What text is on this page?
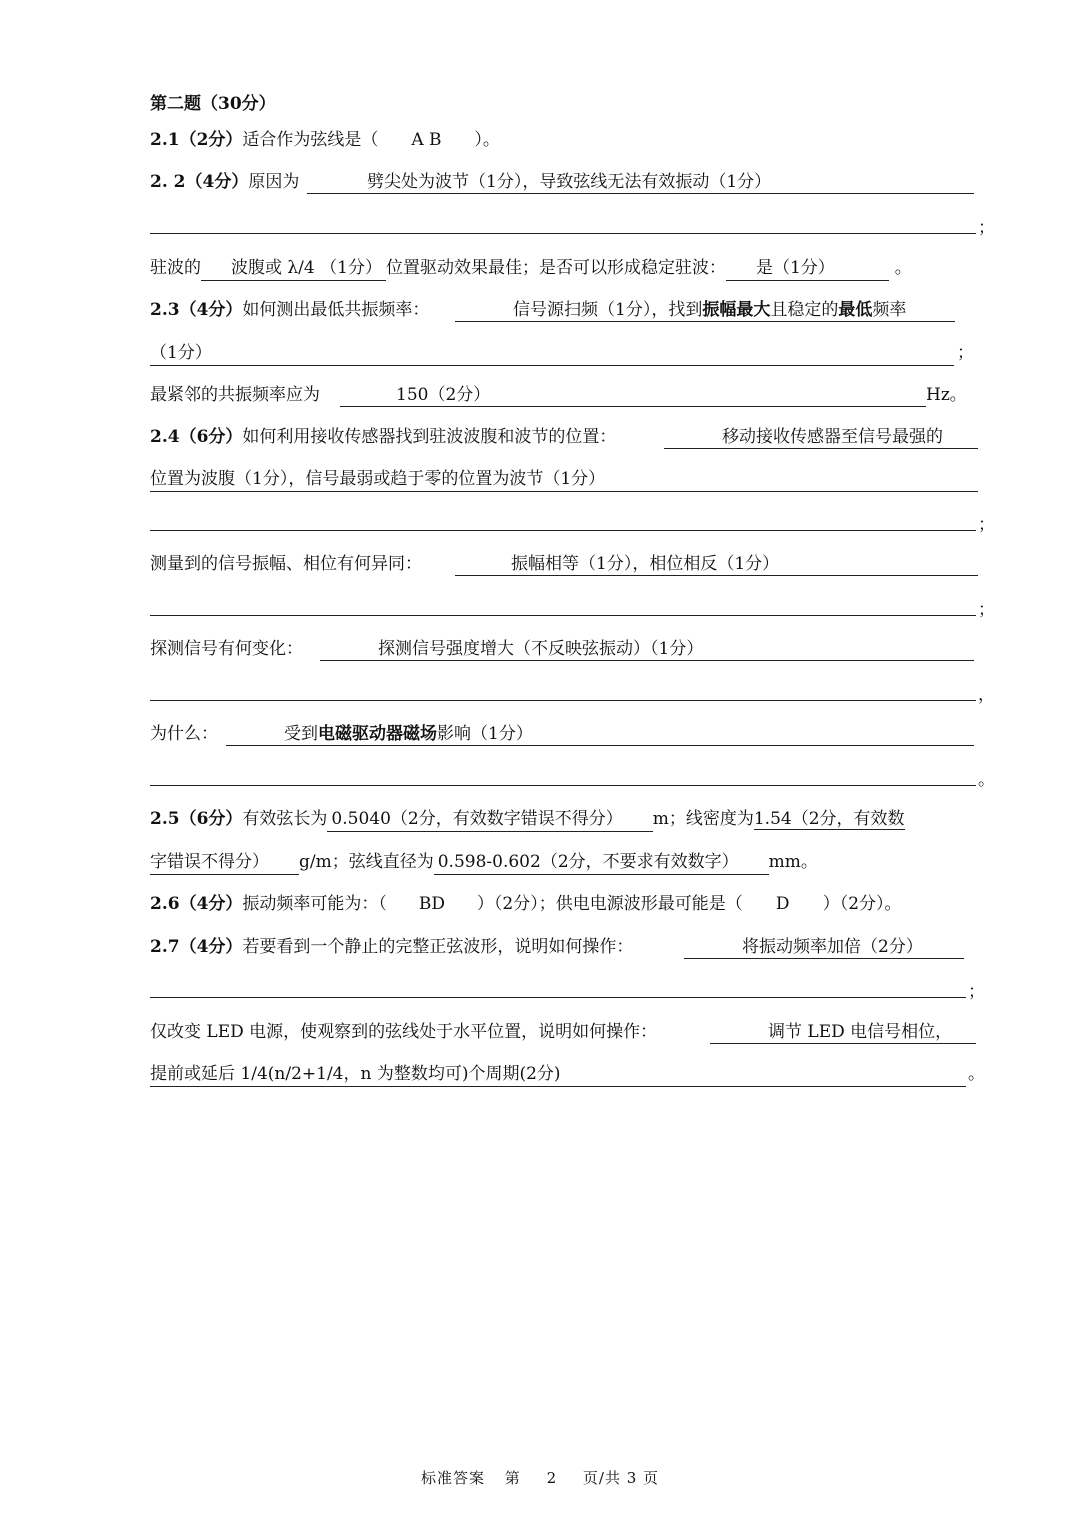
第二题（30分）
2.1（2分）适合作为弦线是（ A B ）。
2. 2（4分）原因为	劈尖处为波节（1分），导致弦线无法有效振动（1分）
；
驻波的 波腹或 λ/4 （1分） 位置驱动效果最佳；是否可以形成稳定驻波： 是（1分）	。
2.3（4分）如何测出最低共振频率：	信号源扫频（1分），找到振幅最大且稳定的最低频率
（1分）	；
最紧邻的共振频率应为	150（2分）	Hz。
2.4（6分）如何利用接收传感器找到驻波波腹和波节的位置：	移动接收传感器至信号最强的
位置为波腹（1分），信号最弱或趋于零的位置为波节（1分）
；
测量到的信号振幅、相位有何异同：	振幅相等（1分），相位相反（1分）
；
探测信号有何变化：	探测信号强度增大（不反映弦振动）（1分）
，
为什么：	受到电磁驱动器磁场影响（1分）
。
2.5（6分）有效弦长为 0.5040（2分，有效数字错误不得分） m；线密度为1.54（2分，有效数
字错误不得分） g/m；弦线直径为 0.598-0.602（2分，不要求有效数字） mm。
2.6（4分）振动频率可能为：（ BD ）（2分）；供电电源波形最可能是（ D ）（2分）。
2.7（4分）若要看到一个静止的完整正弦波形，说明如何操作：	将振动频率加倍（2分）
；
仅改变 LED 电源，使观察到的弦线处于水平位置，说明如何操作：	调节 LED 电信号相位，
提前或延后 1/4(n/2+1/4，n 为整数均可)个周期(2分)	。
标准答案 第 2 页/共 3 页
